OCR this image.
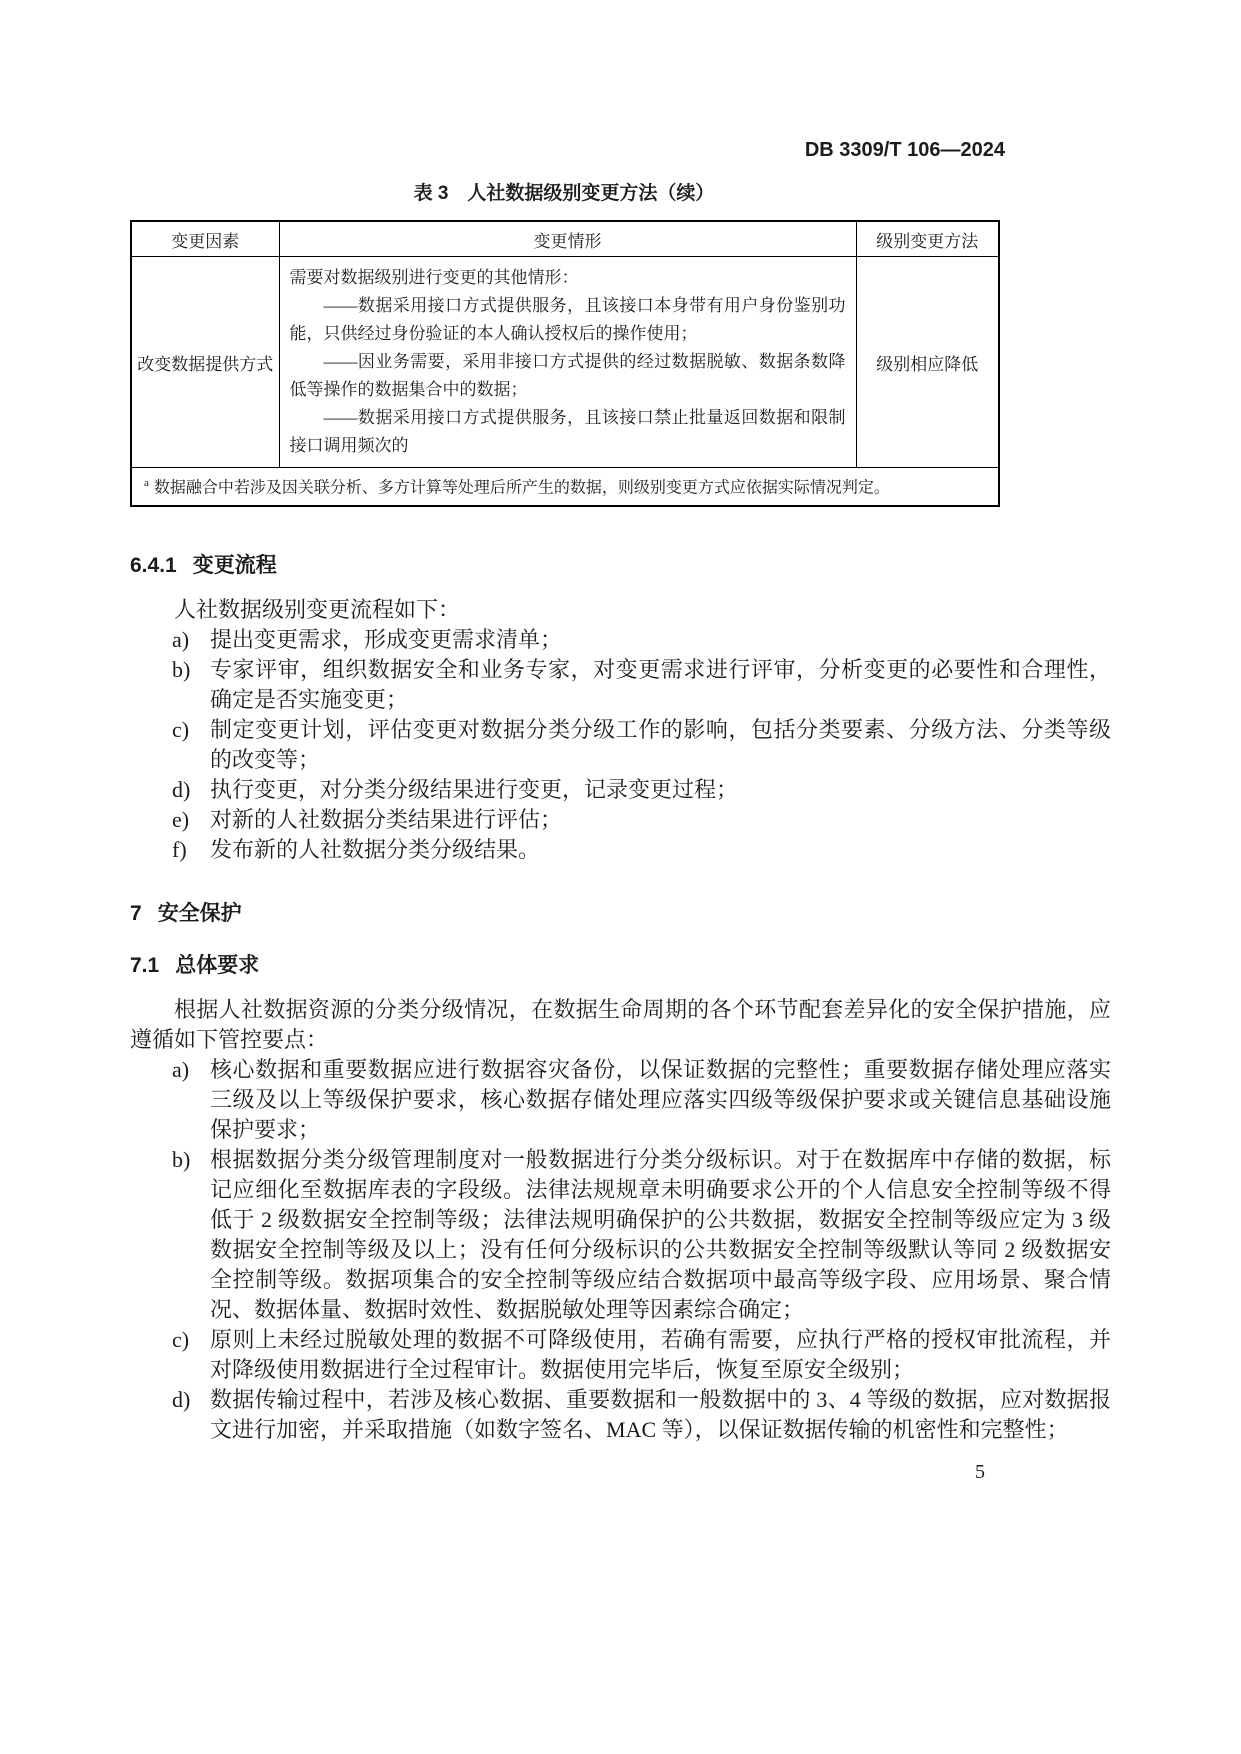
DB 3309/T 106—2024
表 3　人社数据级别变更方法（续）
变更因素	变更情形	级别变更方法
改变数据提供方式	需要对数据级别进行变更的其他情形：

——数据采用接口方式提供服务，且该接口本身带有用户身份鉴别功能，只供经过身份验证的本人确认授权后的操作使用；

——因业务需要，采用非接口方式提供的经过数据脱敏、数据条数降低等操作的数据集合中的数据；

——数据采用接口方式提供服务，且该接口禁止批量返回数据和限制接口调用频次的	级别相应降低
$^a$ 数据融合中若涉及因关联分析、多方计算等处理后所产生的数据，则级别变更方式应依据实际情况判定。		
6.4.1 变更流程

人社数据级别变更流程如下：

a) 提出变更需求，形成变更需求清单；
b) 专家评审，组织数据安全和业务专家，对变更需求进行评审，分析变更的必要性和合理性，确定是否实施变更；
c) 制定变更计划，评估变更对数据分类分级工作的影响，包括分类要素、分级方法、分类等级的改变等；
d) 执行变更，对分类分级结果进行变更，记录变更过程；
e) 对新的人社数据分类结果进行评估；
f)	发布新的人社数据分类分级结果。
7 安全保护
7.1 总体要求

根据人社数据资源的分类分级情况，在数据生命周期的各个环节配套差异化的安全保护措施，应遵循如下管控要点：

a) 核心数据和重要数据应进行数据容灾备份，以保证数据的完整性；重要数据存储处理应落实三级及以上等级保护要求，核心数据存储处理应落实四级等级保护要求或关键信息基础设施保护要求；
b) 根据数据分类分级管理制度对一般数据进行分类分级标识。对于在数据库中存储的数据，标记应细化至数据库表的字段级。法律法规规章未明确要求公开的个人信息安全控制等级不得低于 2 级数据安全控制等级；法律法规明确保护的公共数据，数据安全控制等级应定为 3 级数据安全控制等级及以上；没有任何分级标识的公共数据安全控制等级默认等同 2 级数据安全控制等级。数据项集合的安全控制等级应结合数据项中最高等级字段、应用场景、聚合情况、数据体量、数据时效性、数据脱敏处理等因素综合确定；
c) 原则上未经过脱敏处理的数据不可降级使用，若确有需要，应执行严格的授权审批流程，并对降级使用数据进行全过程审计。数据使用完毕后，恢复至原安全级别；
d) 数据传输过程中，若涉及核心数据、重要数据和一般数据中的 3、4 等级的数据，应对数据报文进行加密，并采取措施（如数字签名、MAC 等），以保证数据传输的机密性和完整性；
5
